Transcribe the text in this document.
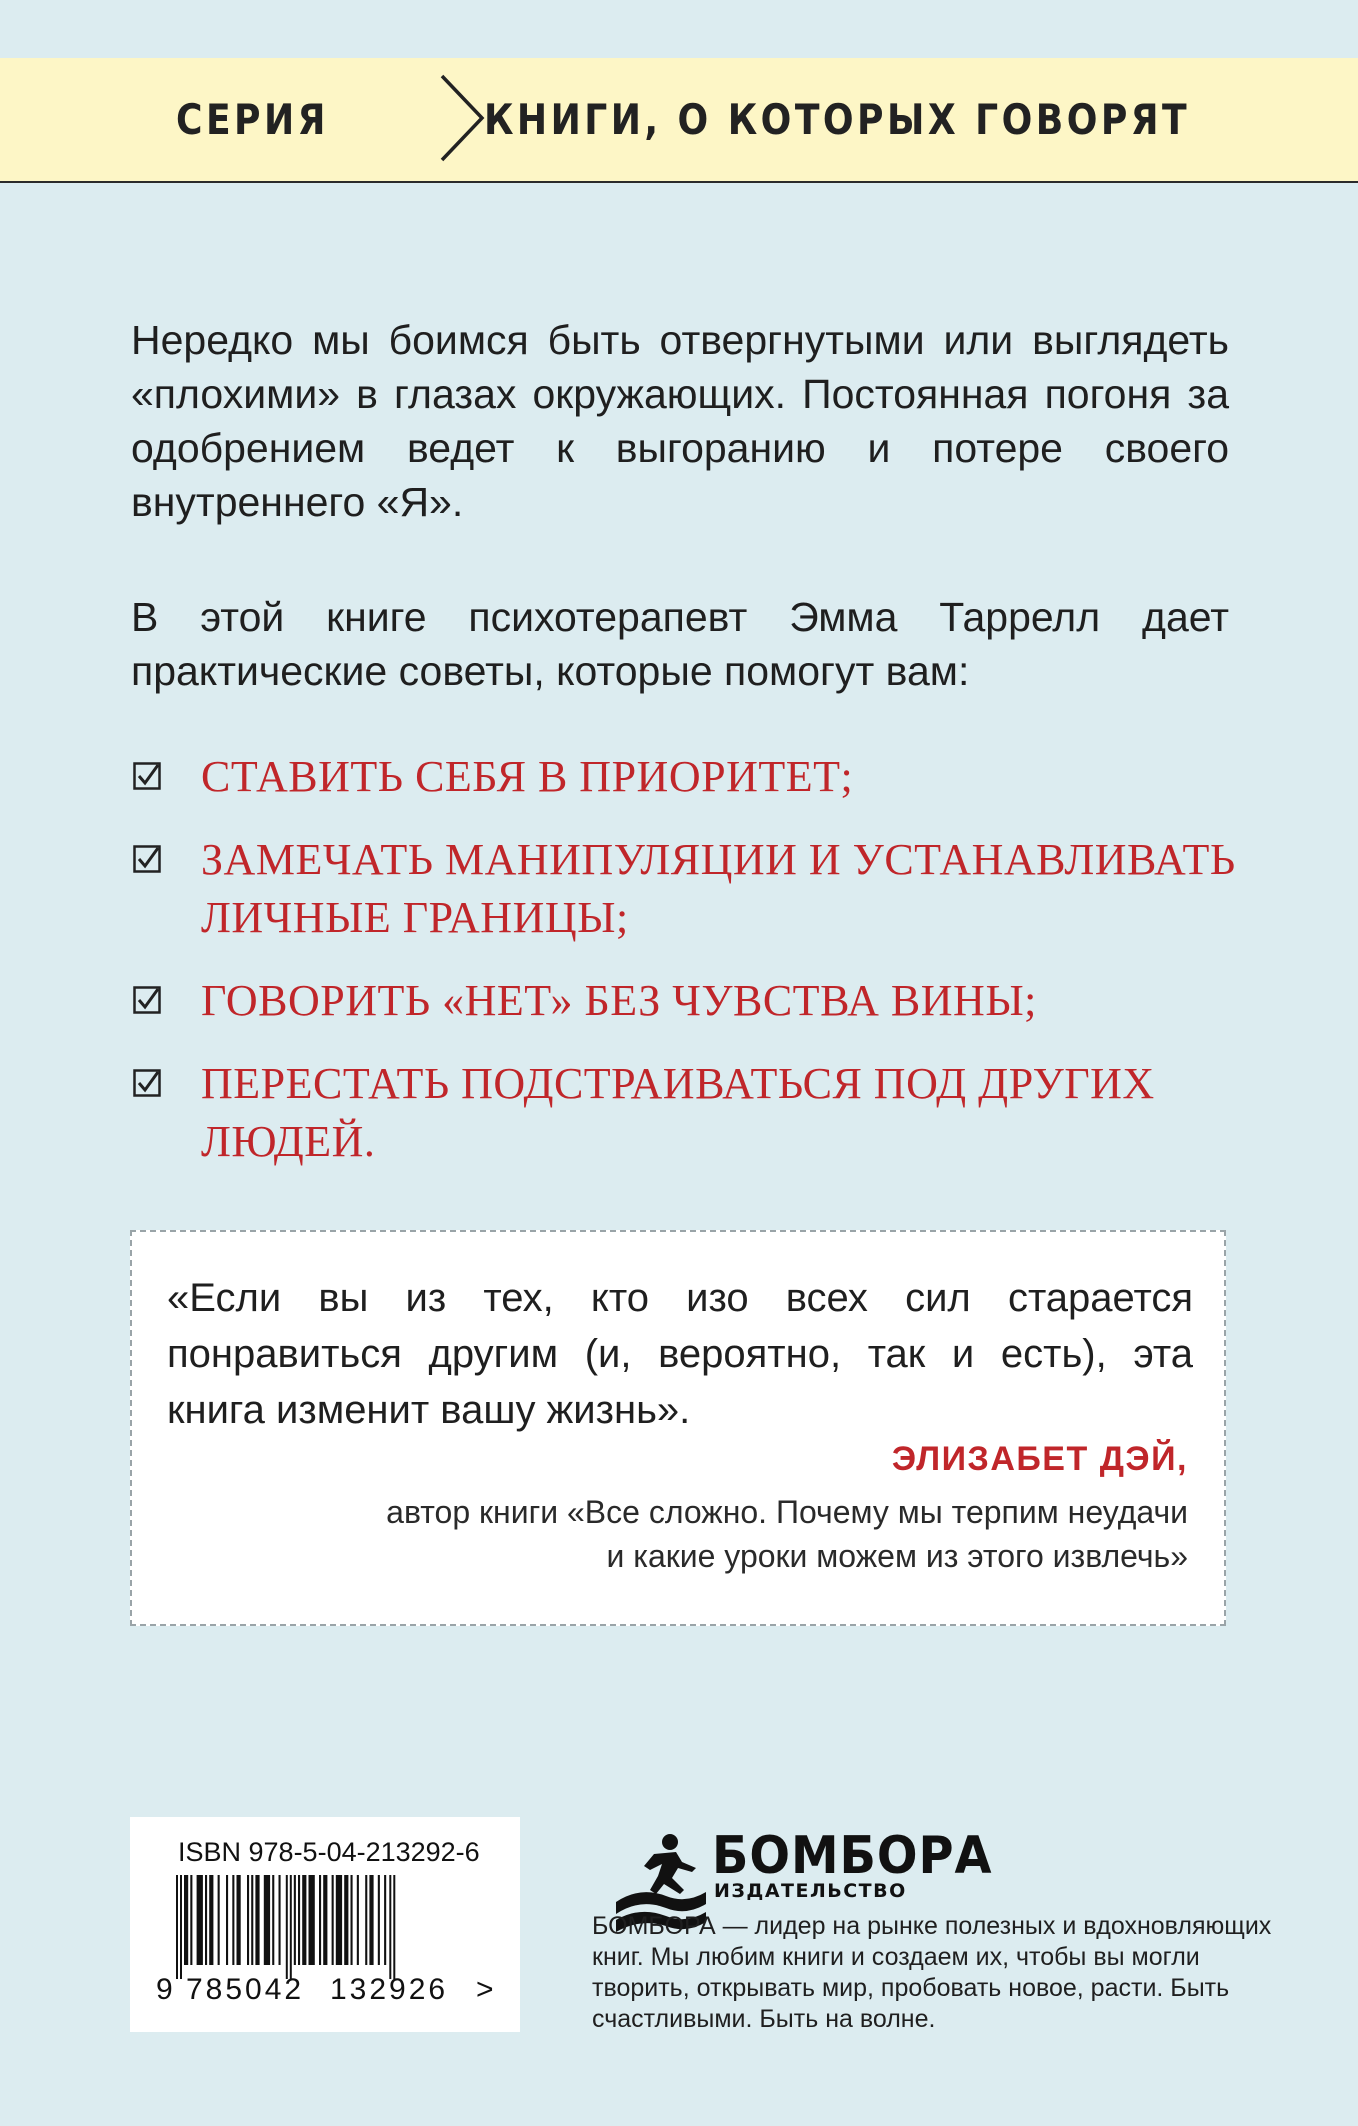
СЕРИЯ	КНИГИ, О КОТОРЫХ ГОВОРЯТ

Нередко мы боимся быть отвергнутыми или выглядеть «плохими» в глазах окружающих. Постоянная погоня за одобрением ведет к выгоранию и потере своего внутреннего «Я».

В этой книге психотерапевт Эмма Таррелл дает практические советы, которые помогут вам:

СТАВИТЬ СЕБЯ В ПРИОРИТЕТ;
ЗАМЕЧАТЬ МАНИПУЛЯЦИИ И УСТАНАВЛИВАТЬ ЛИЧНЫЕ ГРАНИЦЫ;
ГОВОРИТЬ «НЕТ» БЕЗ ЧУВСТВА ВИНЫ;
ПЕРЕСТАТЬ ПОДСТРАИВАТЬСЯ ПОД ДРУГИХ ЛЮДЕЙ.

«Если вы из тех, кто изо всех сил старается понравиться другим (и, вероятно, так и есть), эта книга изменит вашу жизнь».

ЭЛИЗАБЕТ ДЭЙ,

автор книги «Все сложно. Почему мы терпим неудачи
и какие уроки можем из этого извлечь»

ISBN 978-5-04-213292-6
9 785042 132926 >
БОМБОРА
ИЗДАТЕЛЬСТВО

БОМБОРА — лидер на рынке полезных и вдохновляющих книг. Мы любим книги и создаем их, чтобы вы могли творить, открывать мир, пробовать новое, расти. Быть счастливыми. Быть на волне.
